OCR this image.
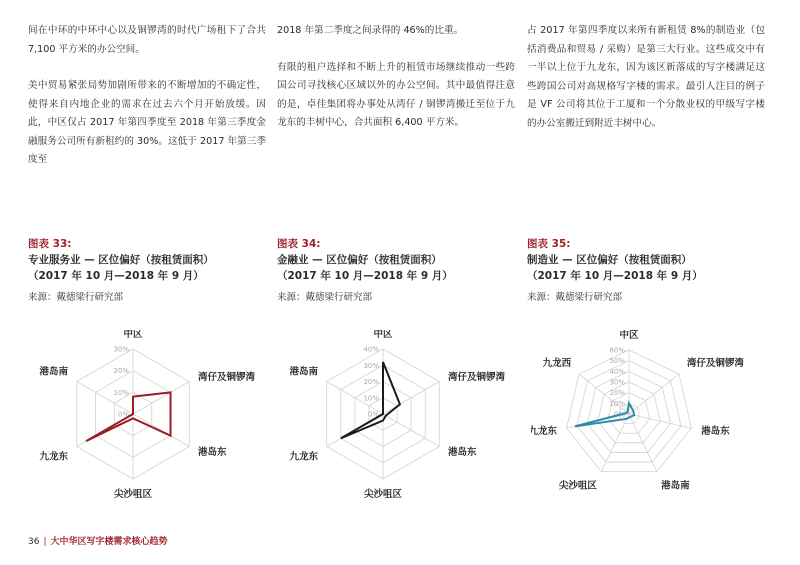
间在中环的中环中心以及铜锣湾的时代广场租下了合共7,100 平方米的办公空间。

美中贸易紧张局势加剧所带来的不断增加的不确定性，使得来自内地企业的需求在过去六个月开始放缓。因此，中区仅占 2017 年第四季度至 2018 年第三季度金融服务公司所有新租约的 30%。这低于 2017 年第三季度至

2018 年第二季度之间录得的 46%的比重。

有限的租户选择和不断上升的租赁市场继续推动一些跨国公司寻找核心区域以外的办公空间。其中最值得注意的是，卓佳集团将办事处从湾仔 / 铜锣湾搬迁至位于九龙东的丰树中心，合共面积 6,400 平方米。

占 2017 年第四季度以来所有新租赁 8%的制造业（包括消费品和贸易 / 采购）是第三大行业。这些成交中有一半以上位于九龙东，因为该区新落成的写字楼满足这些跨国公司对高规格写字楼的需求。最引人注目的例子是 VF 公司将其位于工厦和一个分散业权的甲级写字楼的办公室搬迁到附近丰树中心。

图表 33:
专业服务业 — 区位偏好（按租赁面积）
（2017 年 10 月—2018 年 9 月）
来源：戴德梁行研究部
图表 34:
金融业 — 区位偏好（按租赁面积）
（2017 年 10 月—2018 年 9 月）
来源：戴德梁行研究部
图表 35:
制造业 — 区位偏好（按租赁面积）
（2017 年 10 月—2018 年 9 月）
来源：戴德梁行研究部
0%
10%
20%
30%
中区
湾仔及铜锣湾
港岛东
尖沙咀区
九龙东
港岛南
0%
10%
20%
30%
40%
中区
湾仔及铜锣湾
港岛东
尖沙咀区
九龙东
港岛南
0%
10%
20%
30%
40%
50%
60%
中区
湾仔及铜锣湾
港岛东
港岛南
尖沙咀区
九龙东
九龙西
36 | 大中华区写字楼需求核心趋势
